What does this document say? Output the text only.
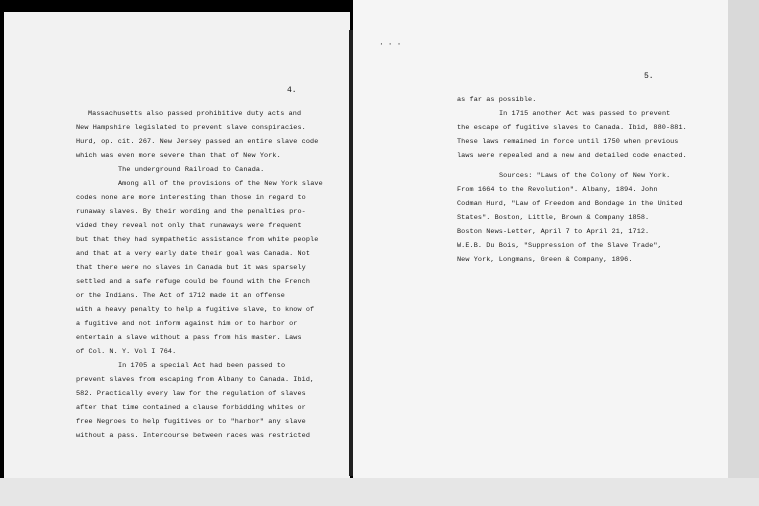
4.
Massachusetts also passed prohibitive duty acts and
New Hampshire legislated to prevent slave conspiracies.
Hurd, op. cit. 267. New Jersey passed an entire slave code
which was even more severe than that of New York.
The underground Railroad to Canada.
Among all of the provisions of the New York slave
codes none are more interesting than those in regard to
runaway slaves. By their wording and the penalties pro-
vided they reveal not only that runaways were frequent
but that they had sympathetic assistance from white people
and that at a very early date their goal was Canada. Not
that there were no slaves in Canada but it was sparsely
settled and a safe refuge could be found with the French
or the Indians. The Act of 1712 made it an offense
with a heavy penalty to help a fugitive slave, to know of
a fugitive and not inform against him or to harbor or
entertain a slave without a pass from his master. Laws
of Col. N. Y. Vol I 764.
In 1705 a special Act had been passed to
prevent slaves from escaping from Albany to Canada. Ibid,
582. Practically every law for the regulation of slaves
after that time contained a clause forbidding whites or
free Negroes to help fugitives or to "harbor" any slave
without a pass. Intercourse between races was restricted
···
5.
as far as possible.
In 1715 another Act was passed to prevent
the escape of fugitive slaves to Canada. Ibid, 880-881.
These laws remained in force until 1750 when previous
laws were repealed and a new and detailed code enacted.
Sources: "Laws of the Colony of New York.
From 1664 to the Revolution". Albany, 1894. John
Codman Hurd, "Law of Freedom and Bondage in the United
States". Boston, Little, Brown & Company 1858.
Boston News-Letter, April 7 to April 21, 1712.
W.E.B. Du Bois, "Suppression of the Slave Trade",
New York, Longmans, Green & Company, 1896.
